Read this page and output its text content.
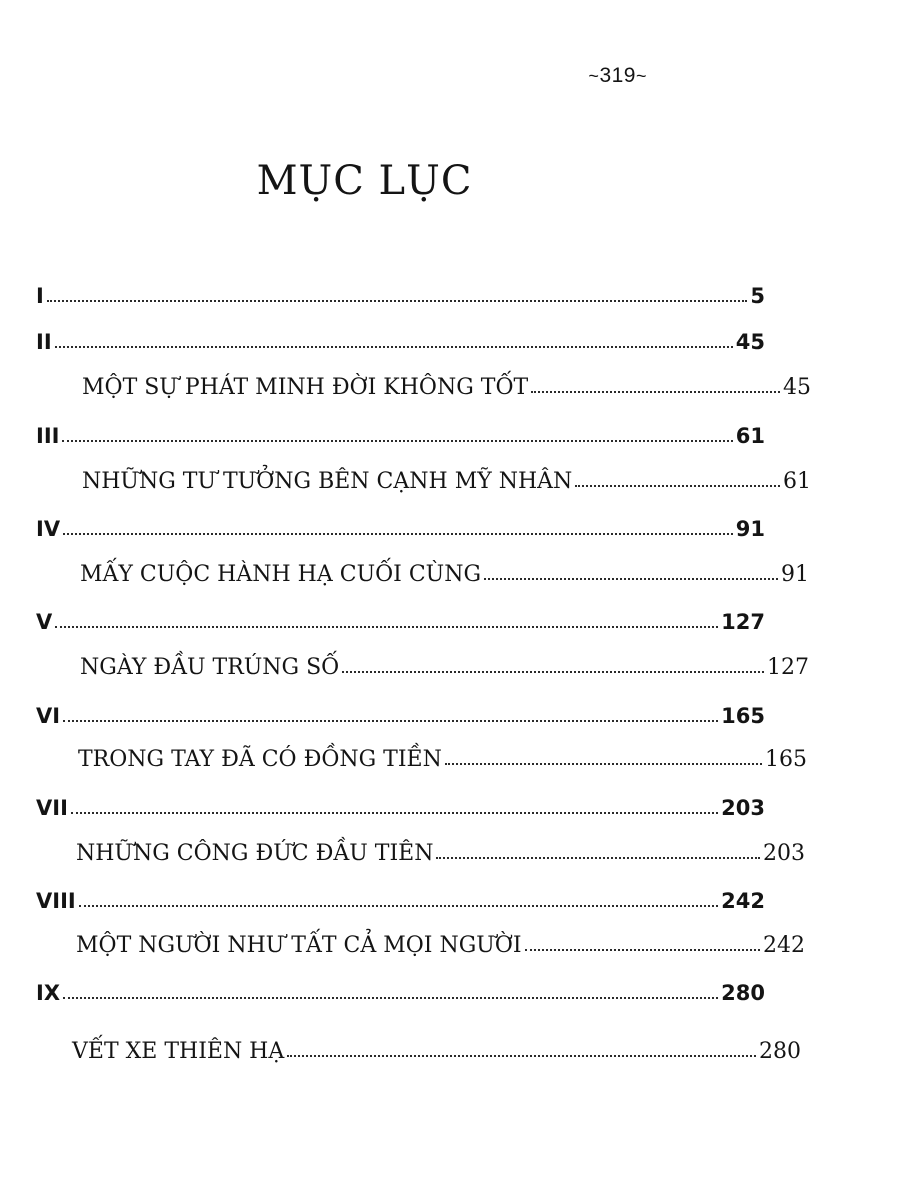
~319~
MỤC LỤC
I	5
II	45
MỘT SỰ PHÁT MINH ĐỜI KHÔNG TỐT	45
III	61
NHỮNG TƯ TƯỞNG BÊN CẠNH MỸ NHÂN	61
IV	91
MẤY CUỘC HÀNH HẠ CUỐI CÙNG	91
V	127
NGÀY ĐẦU TRÚNG SỐ	127
VI	165
TRONG TAY ĐÃ CÓ ĐỒNG TIỀN	165
VII	203
NHỮNG CÔNG ĐỨC ĐẦU TIÊN	203
VIII	242
MỘT NGƯỜI NHƯ TẤT CẢ MỌI NGƯỜI	242
IX	280
VẾT XE THIÊN HẠ	280
